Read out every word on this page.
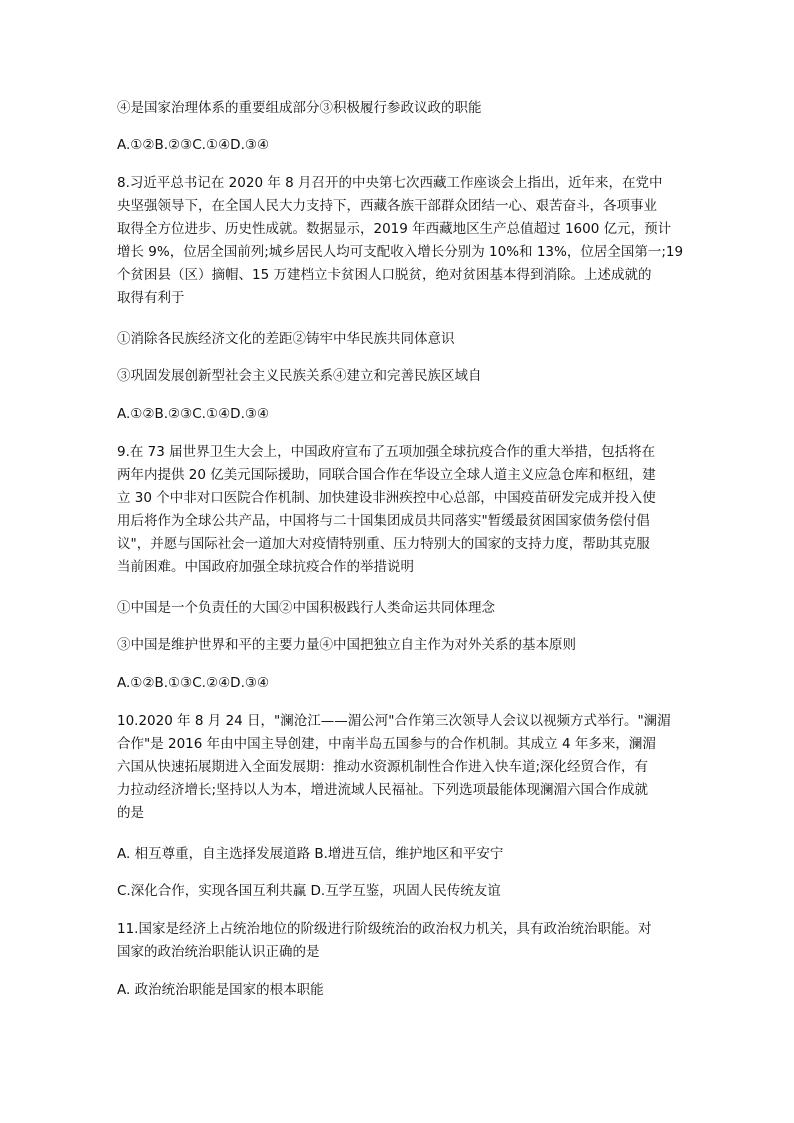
④是国家治理体系的重要组成部分③积极履行参政议政的职能
A.①②B.②③C.①④D.③④
8.习近平总书记在 2020 年 8 月召开的中央第七次西藏工作座谈会上指出，近年来，在党中
央坚强领导下，在全国人民大力支持下，西藏各族干部群众团结一心、艰苦奋斗，各项事业
取得全方位进步、历史性成就。数据显示，2019 年西藏地区生产总值超过 1600 亿元，预计
增长 9%，位居全国前列;城乡居民人均可支配收入增长分别为 10%和 13%，位居全国第一;19
个贫困县（区）摘帽、15 万建档立卡贫困人口脱贫，绝对贫困基本得到消除。上述成就的
取得有利于
①消除各民族经济文化的差距②铸牢中华民族共同体意识
③巩固发展创新型社会主义民族关系④建立和完善民族区域自
A.①②B.②③C.①④D.③④
9.在 73 届世界卫生大会上，中国政府宣布了五项加强全球抗疫合作的重大举措，包括将在
两年内提供 20 亿美元国际援助，同联合国合作在华设立全球人道主义应急仓库和枢纽，建
立 30 个中非对口医院合作机制、加快建设非洲疾控中心总部，中国疫苗研发完成并投入使
用后将作为全球公共产品，中国将与二十国集团成员共同落实"暂缓最贫困国家债务偿付倡
议"，并愿与国际社会一道加大对疫情特别重、压力特别大的国家的支持力度，帮助其克服
当前困难。中国政府加强全球抗疫合作的举措说明
①中国是一个负责任的大国②中国积极践行人类命运共同体理念
③中国是维护世界和平的主要力量④中国把独立自主作为对外关系的基本原则
A.①②B.①③C.②④D.③④
10.2020 年 8 月 24 日，"澜沧江——湄公河"合作第三次领导人会议以视频方式举行。"澜湄
合作"是 2016 年由中国主导创建，中南半岛五国参与的合作机制。其成立 4 年多来，澜湄
六国从快速拓展期进入全面发展期：推动水资源机制性合作进入快车道;深化经贸合作，有
力拉动经济增长;坚持以人为本，增进流域人民福祉。下列选项最能体现澜湄六国合作成就
的是
A. 相互尊重，自主选择发展道路 B.增进互信，维护地区和平安宁
C.深化合作，实现各国互利共赢 D.互学互鉴，巩固人民传统友谊
11.国家是经济上占统治地位的阶级进行阶级统治的政治权力机关，具有政治统治职能。对
国家的政治统治职能认识正确的是
A. 政治统治职能是国家的根本职能
